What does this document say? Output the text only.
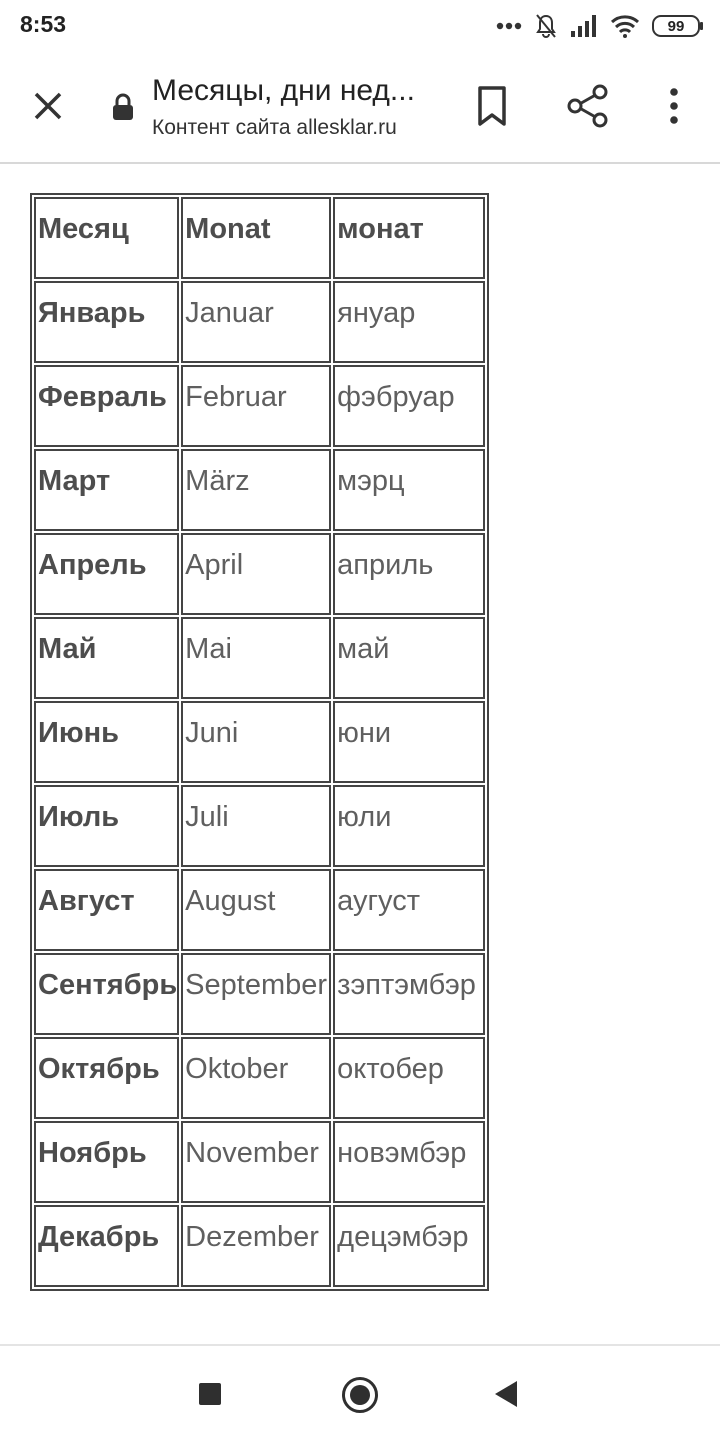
8:53	99
Месяцы, дни нед...
Контент сайта allesklar.ru
Месяц	Monat	монат

Январь	Januar	януар

Февраль	Februar	фэбруар

Март	März	мэрц

Апрель	April	априль

Май	Mai	май

Июнь	Juni	юни

Июль	Juli	юли

Август	August	аугуст

Сентябрь	September	зэптэмбэр

Октябрь	Oktober	октобер

Ноябрь	November	новэмбэр

Декабрь	Dezember	децэмбэр
